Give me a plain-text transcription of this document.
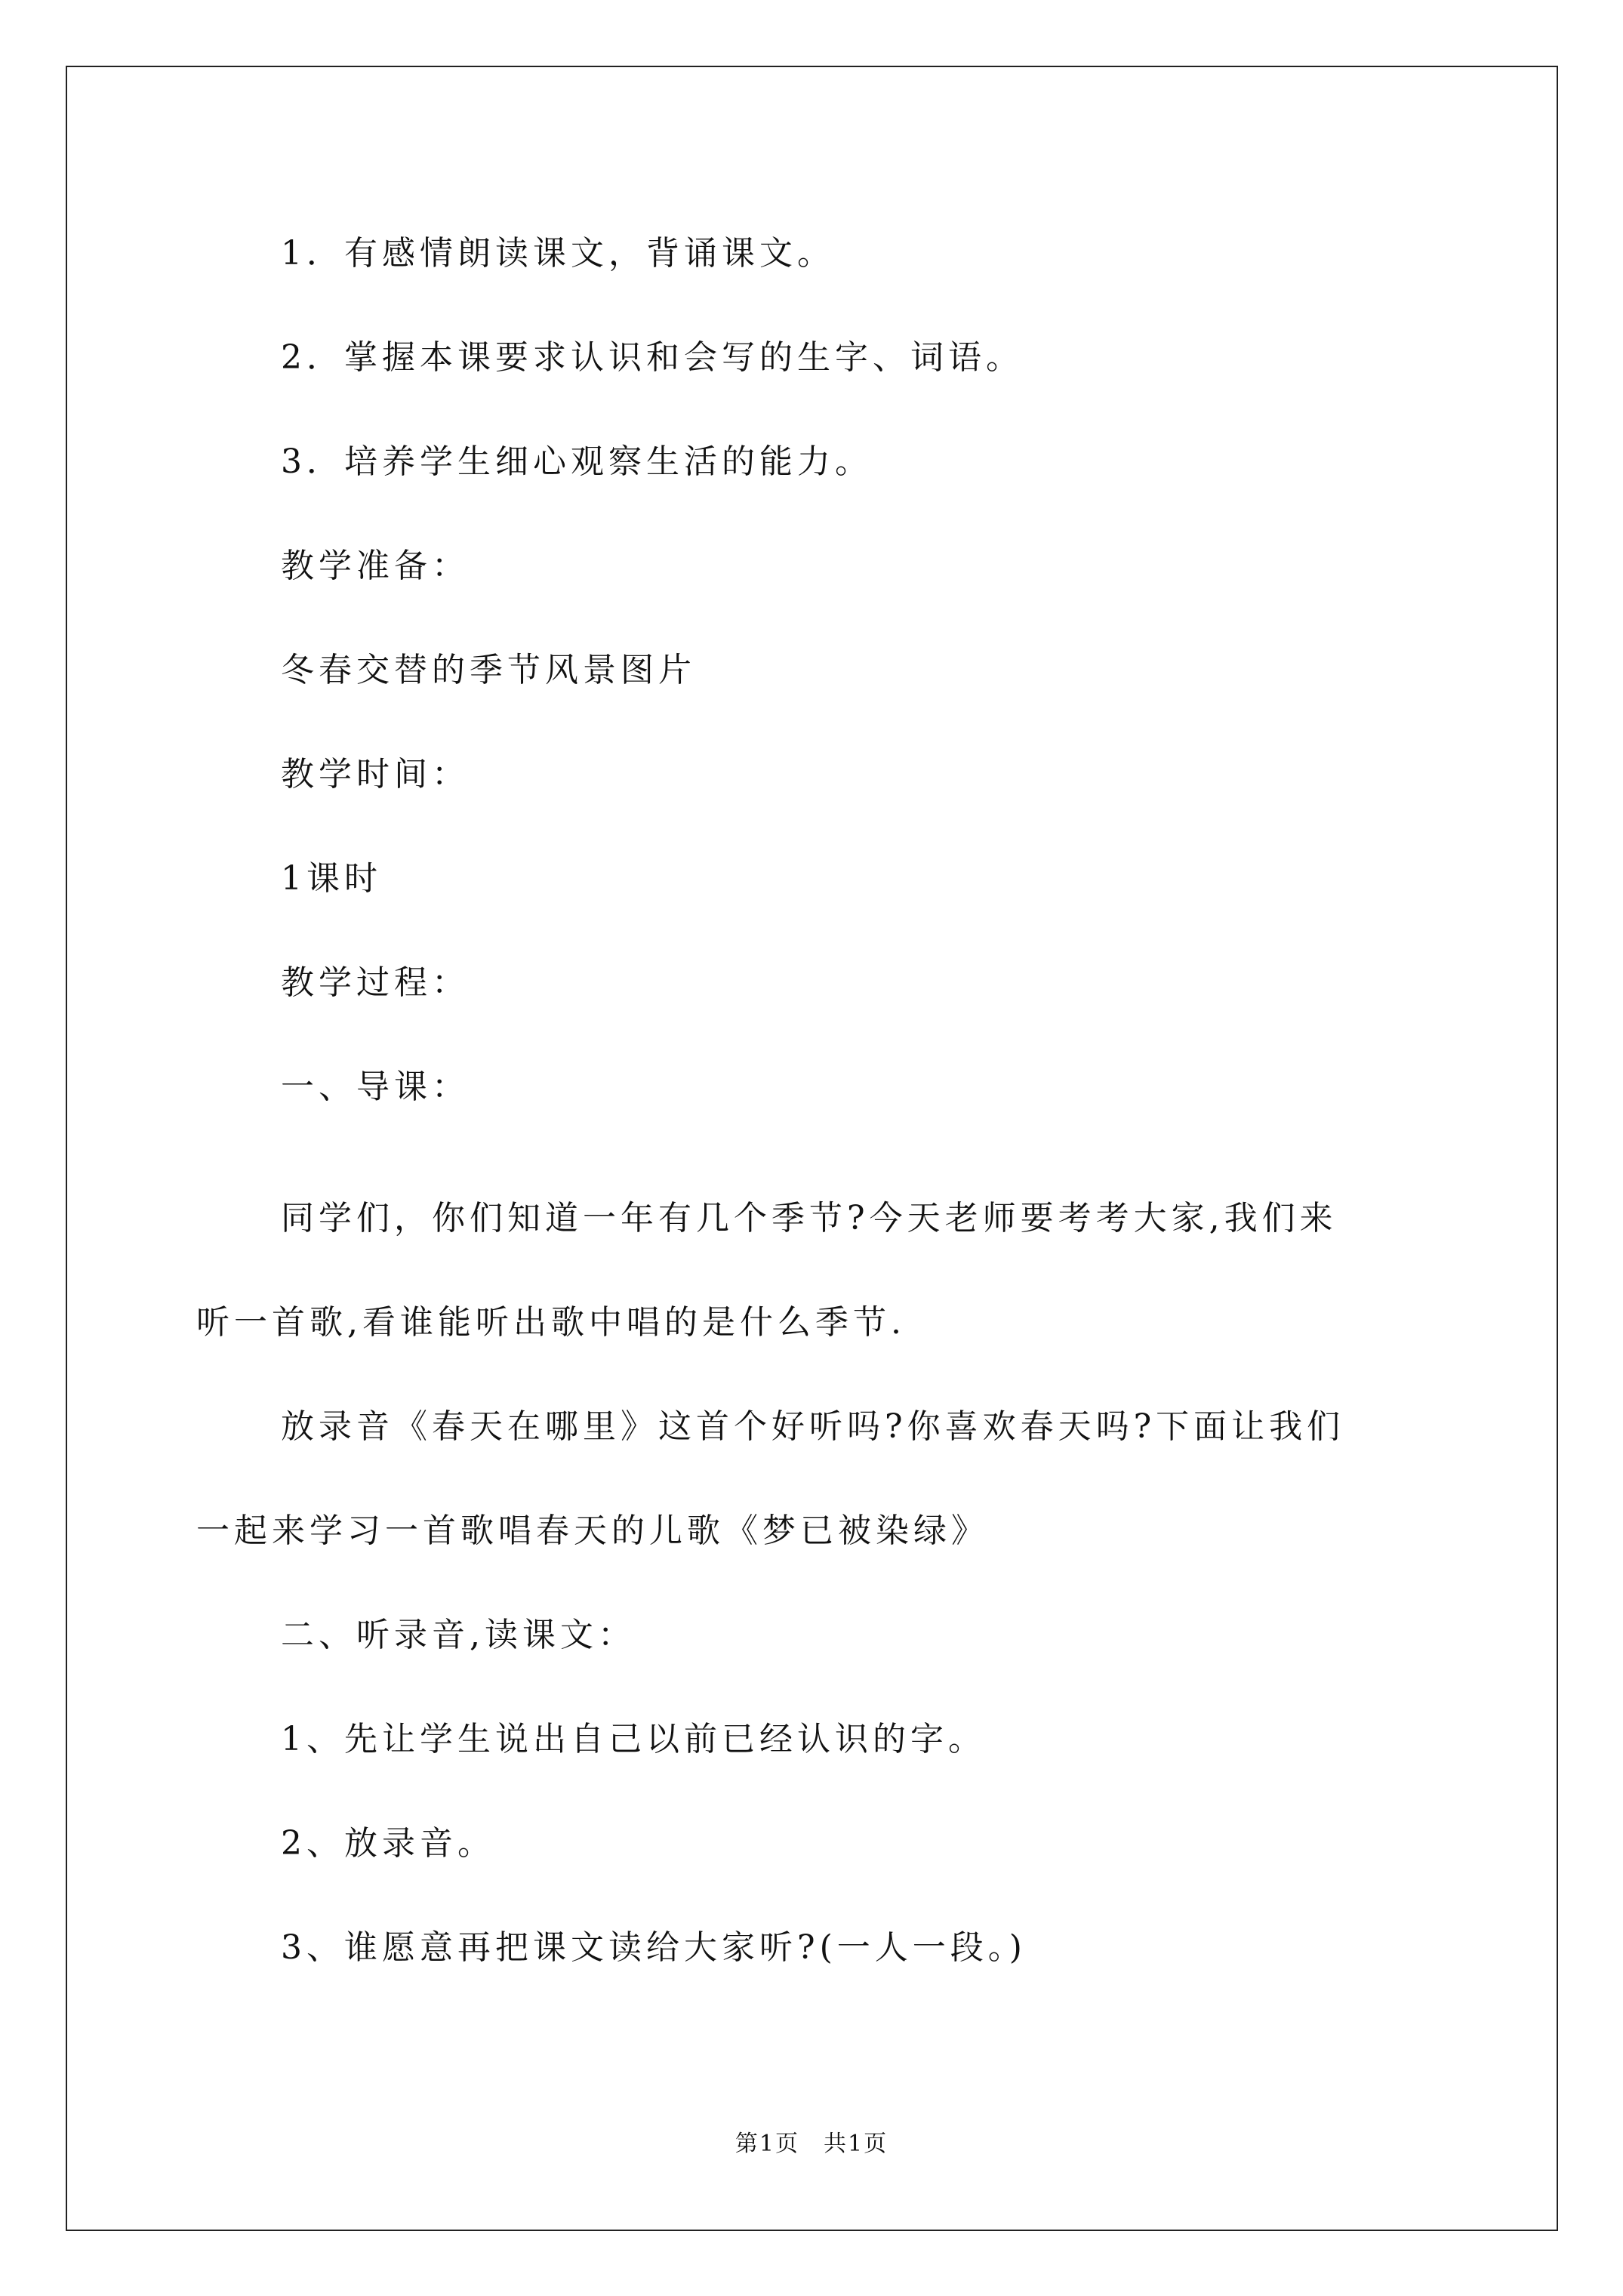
1．有感情朗读课文，背诵课文。
2．掌握本课要求认识和会写的生字、词语。
3．培养学生细心观察生活的能力。
教学准备：
冬春交替的季节风景图片
教学时间：
1课时
教学过程：
一、导课：
同学们，你们知道一年有几个季节?今天老师要考考大家,我们来
听一首歌,看谁能听出歌中唱的是什么季节.
放录音《春天在哪里》这首个好听吗?你喜欢春天吗?下面让我们
一起来学习一首歌唱春天的儿歌《梦已被染绿》
二、听录音,读课文：
1、先让学生说出自己以前已经认识的字。
2、放录音。
3、谁愿意再把课文读给大家听?(一人一段。)
第1页　共1页
